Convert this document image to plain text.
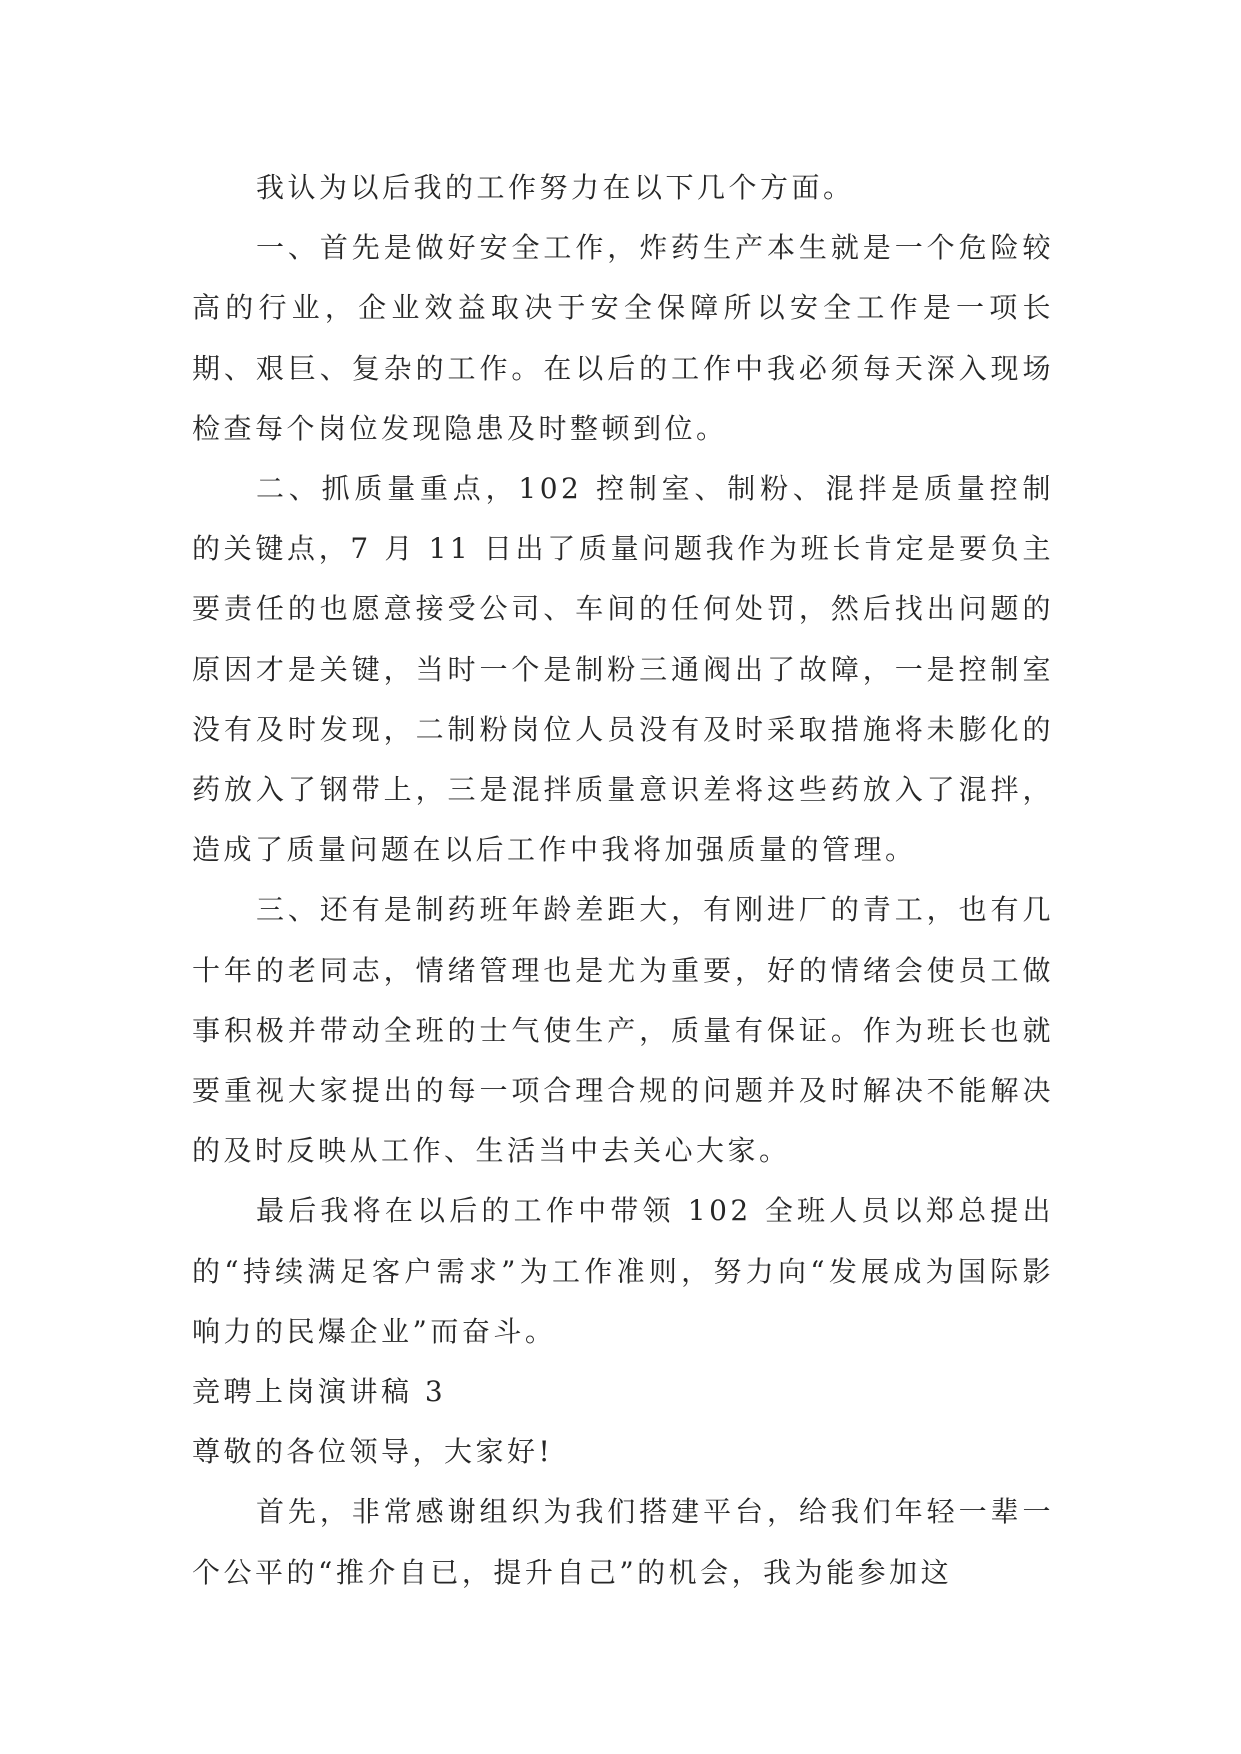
我认为以后我的工作努力在以下几个方面。

一、首先是做好安全工作，炸药生产本生就是一个危险较高的行业，企业效益取决于安全保障所以安全工作是一项长期、艰巨、复杂的工作。在以后的工作中我必须每天深入现场检查每个岗位发现隐患及时整顿到位。

二、抓质量重点，102 控制室、制粉、混拌是质量控制的关键点，7 月 11 日出了质量问题我作为班长肯定是要负主要责任的也愿意接受公司、车间的任何处罚，然后找出问题的原因才是关键，当时一个是制粉三通阀出了故障，一是控制室没有及时发现，二制粉岗位人员没有及时采取措施将未膨化的药放入了钢带上，三是混拌质量意识差将这些药放入了混拌，造成了质量问题在以后工作中我将加强质量的管理。

三、还有是制药班年龄差距大，有刚进厂的青工，也有几十年的老同志，情绪管理也是尤为重要，好的情绪会使员工做事积极并带动全班的士气使生产，质量有保证。作为班长也就要重视大家提出的每一项合理合规的问题并及时解决不能解决的及时反映从工作、生活当中去关心大家。

最后我将在以后的工作中带领 102 全班人员以郑总提出的“持续满足客户需求”为工作准则，努力向“发展成为国际影响力的民爆企业”而奋斗。

竞聘上岗演讲稿 3

尊敬的各位领导，大家好!

首先，非常感谢组织为我们搭建平台，给我们年轻一辈一个公平的“推介自已，提升自己”的机会，我为能参加这
